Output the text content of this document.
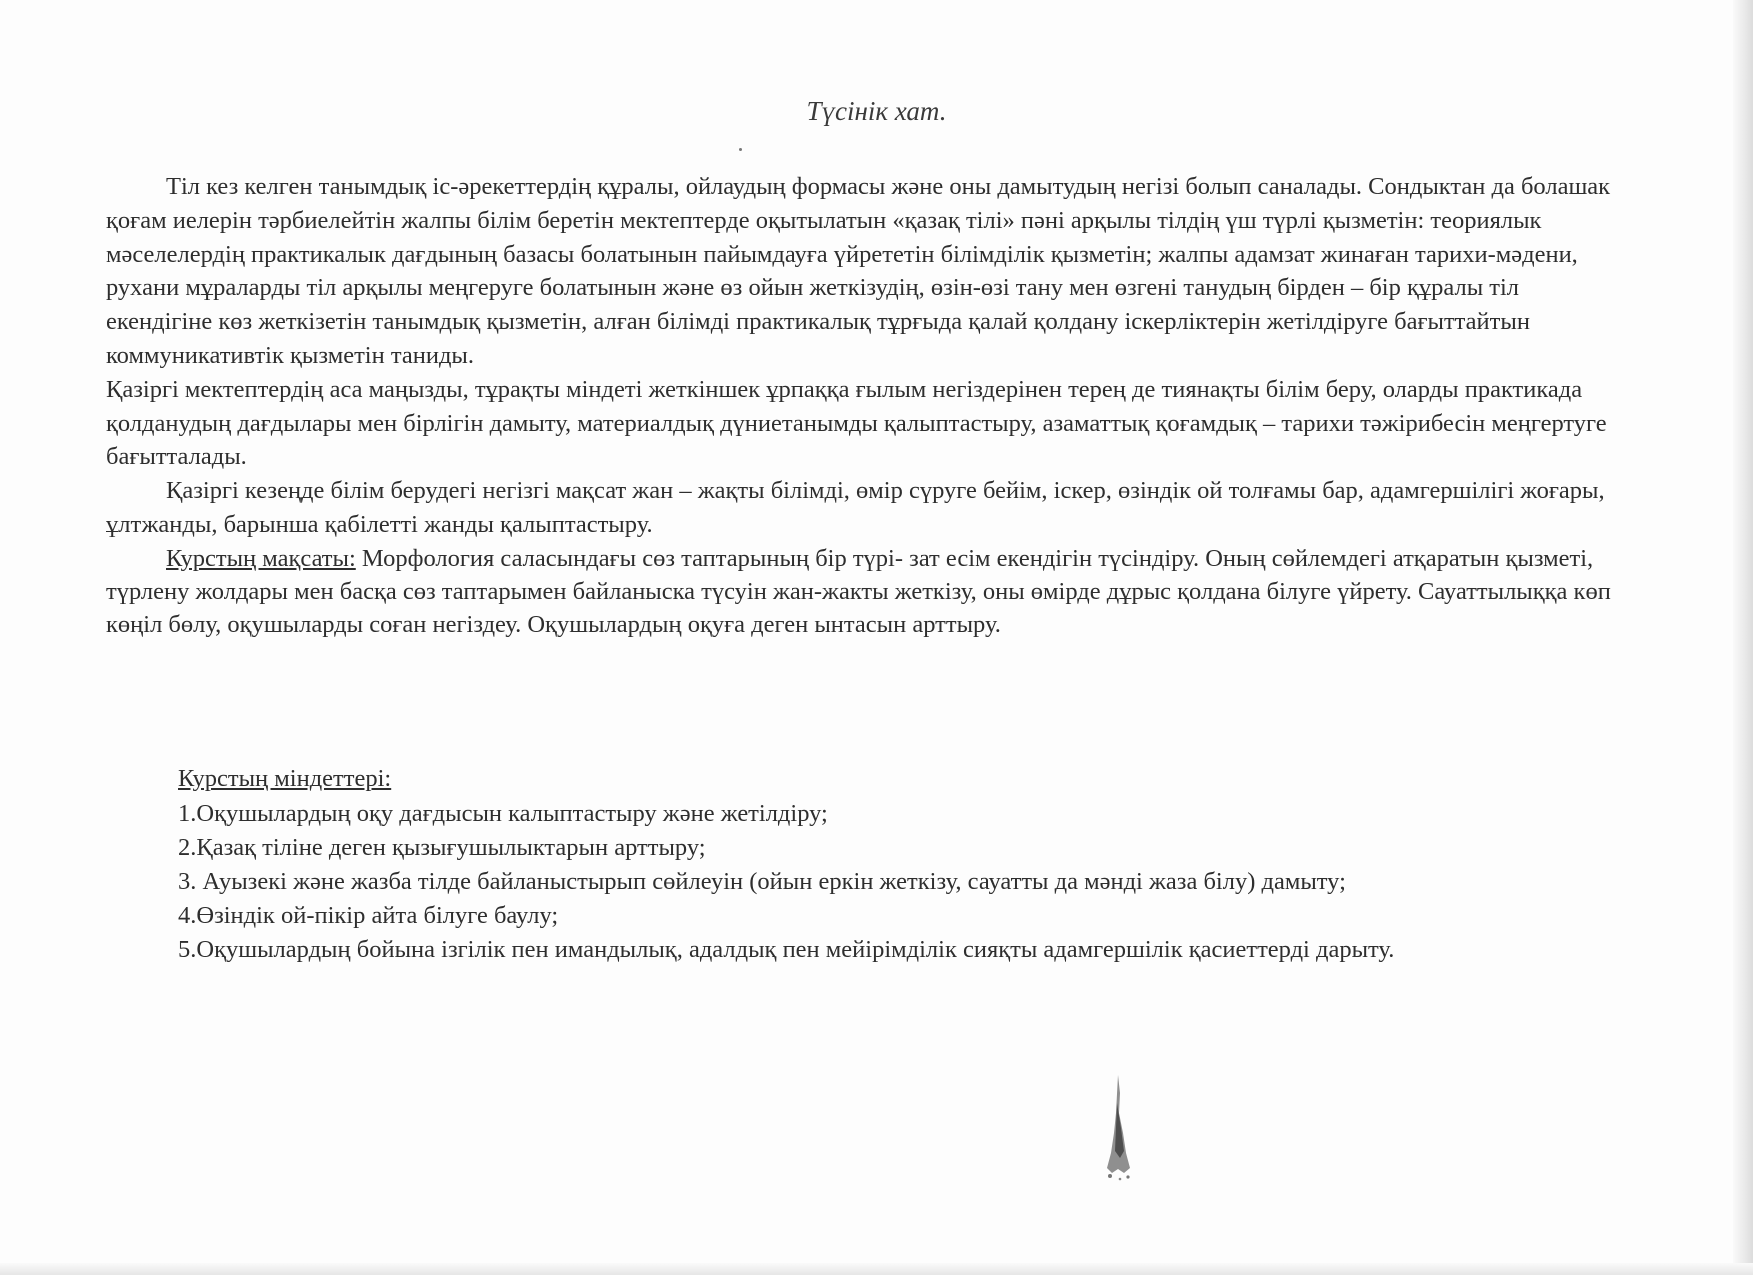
Түсінік хат.

Тіл кез келген танымдық іс-әрекеттердің құралы, ойлаудың формасы және оны дамытудың негізі болып саналады. Сондыктан да болашак қоғам иелерін тәрбиелейтін жалпы білім беретін мектептерде оқытылатын «қазақ тілі» пәні арқылы тілдің үш түрлі қызметін: теориялык мәселелердің практикалык дағдының базасы болатынын пайымдауға үйрететін білімділік қызметін; жалпы адамзат жинаған тарихи-мәдени, рухани мұраларды тіл арқылы меңгеруге болатынын және өз ойын жеткізудің, өзін-өзі тану мен өзгені танудың бірден – бір құралы тіл екендігіне көз жеткізетін танымдық қызметін, алған білімді практикалық тұрғыда қалай қолдану іскерліктерін жетілдіруге бағыттайтын коммуникативтік қызметін таниды.

Қазіргі мектептердің аса маңызды, тұрақты міндеті жеткіншек ұрпаққа ғылым негіздерінен терең де тиянақты білім беру, оларды практикада қолданудың дағдылары мен бірлігін дамыту, материалдық дүниетанымды қалыптастыру, азаматтық қоғамдық – тарихи тәжірибесін меңгертуге бағытталады.

Қазіргі кезеңде білім берудегі негізгі мақсат жан – жақты білімді, өмір сүруге бейім, іскер, өзіндік ой толғамы бар, адамгершілігі жоғары, ұлтжанды, барынша қабілетті жанды қалыптастыру.

Курстың мақсаты: Морфология саласындағы сөз таптарының бір түрі- зат есім екендігін түсіндіру. Оның сөйлемдегі атқаратын қызметі, түрлену жолдары мен басқа сөз таптарымен байланыска түсуін жан-жакты жеткізу, оны өмірде дұрыс қолдана білуге үйрету. Сауаттылыққа көп көңіл бөлу, оқушыларды соған негіздеу. Оқушылардың оқуға деген ынтасын арттыру.

Курстың міндеттері:

1.Оқушылардың оқу дағдысын калыптастыру және жетілдіру;

2.Қазақ тіліне деген қызығушылыктарын арттыру;

3. Ауызекі және жазба тілде байланыстырып сөйлеуін (ойын еркін жеткізу, сауатты да мәнді жаза білу) дамыту;

4.Өзіндік ой-пікір айта білуге баулу;

5.Оқушылардың бойына ізгілік пен имандылық, адалдық пен мейірімділік сияқты адамгершілік қасиеттерді дарыту.
